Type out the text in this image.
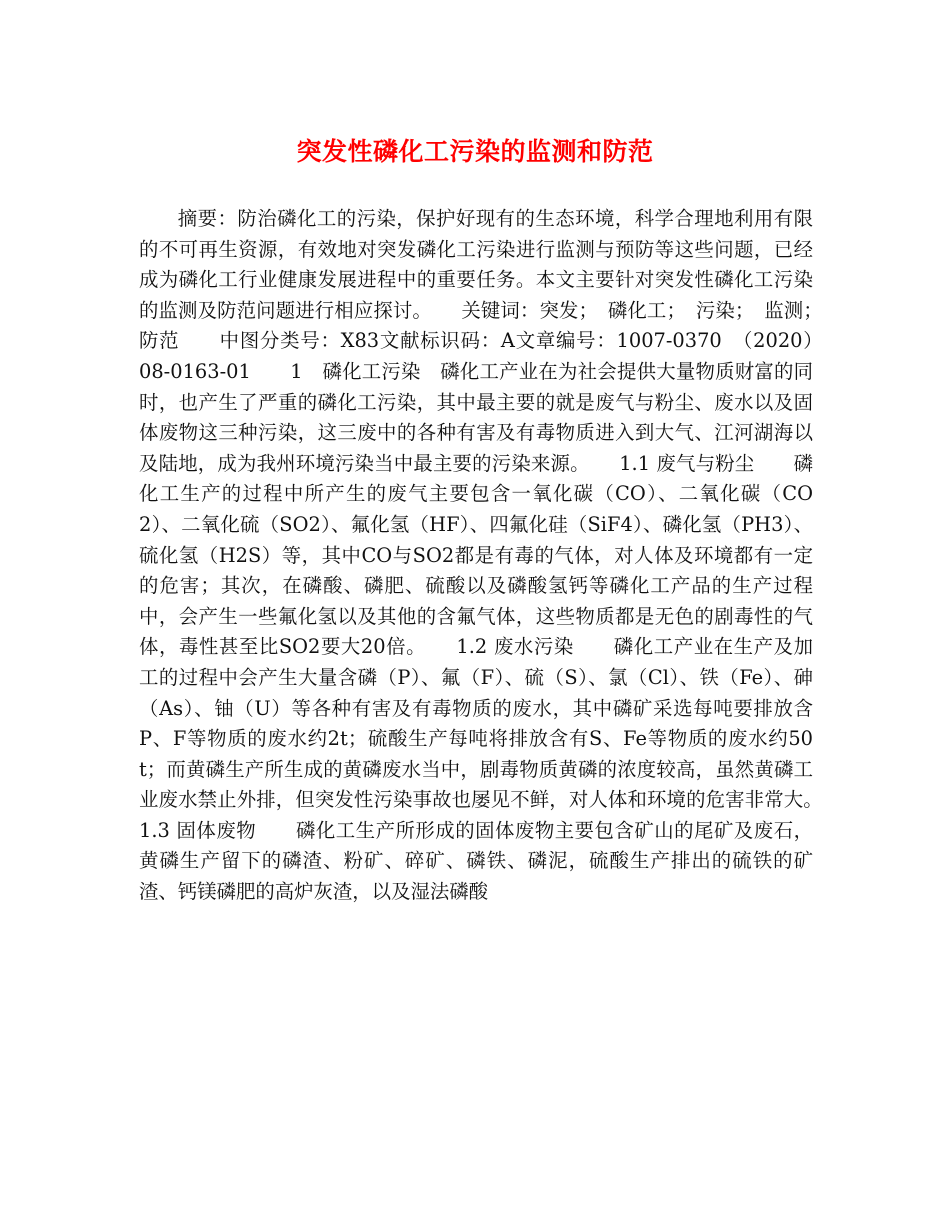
突发性磷化工污染的监测和防范

摘要：防治磷化工的污染，保护好现有的生态环境，科学合理地利用有限的不可再生资源，有效地对突发磷化工污染进行监测与预防等这些问题，已经成为磷化工行业健康发展进程中的重要任务。本文主要针对突发性磷化工污染的监测及防范问题进行相应探讨。　　关键词：突发；　磷化工；　污染；　监测；　防范　　中图分类号：X83文献标识码：A文章编号：1007-0370　（2020）　08-0163-01　　1　磷化工污染　磷化工产业在为社会提供大量物质财富的同时，也产生了严重的磷化工污染，其中最主要的就是废气与粉尘、废水以及固体废物这三种污染，这三废中的各种有害及有毒物质进入到大气、江河湖海以及陆地，成为我州环境污染当中最主要的污染来源。　　1.1 废气与粉尘　　磷化工生产的过程中所产生的废气主要包含一氧化碳（CO）、二氧化碳（CO2）、二氧化硫（SO2）、氟化氢（HF）、四氟化硅（SiF4）、磷化氢（PH3）、硫化氢（H2S）等，其中CO与SO2都是有毒的气体，对人体及环境都有一定的危害；其次，在磷酸、磷肥、硫酸以及磷酸氢钙等磷化工产品的生产过程中，会产生一些氟化氢以及其他的含氟气体，这些物质都是无色的剧毒性的气体，毒性甚至比SO2要大20倍。　　1.2 废水污染　　磷化工产业在生产及加工的过程中会产生大量含磷（P）、氟（F）、硫（S）、氯（Cl）、铁（Fe）、砷（As）、铀（U）等各种有害及有毒物质的废水，其中磷矿采选每吨要排放含P、F等物质的废水约2t；硫酸生产每吨将排放含有S、Fe等物质的废水约50t；而黄磷生产所生成的黄磷废水当中，剧毒物质黄磷的浓度较高，虽然黄磷工业废水禁止外排，但突发性污染事故也屡见不鲜，对人体和环境的危害非常大。　　1.3 固体废物　　磷化工生产所形成的固体废物主要包含矿山的尾矿及废石，黄磷生产留下的磷渣、粉矿、碎矿、磷铁、磷泥，硫酸生产排出的硫铁的矿渣、钙镁磷肥的高炉灰渣，以及湿法磷酸
